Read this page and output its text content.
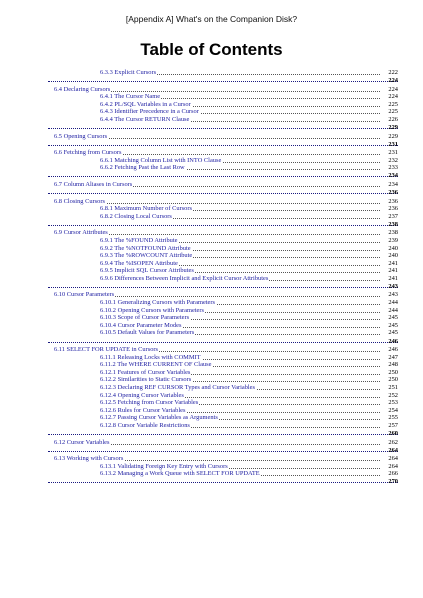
[Appendix A] What's on the Companion Disk?
Table of Contents
6.3.3 Explicit Cursors	222
224
6.4 Declaring Cursors	224
6.4.1 The Cursor Name	224
6.4.2 PL/SQL Variables in a Cursor	225
6.4.3 Identifier Precedence in a Cursor	225
6.4.4 The Cursor RETURN Clause	226
229
6.5 Opening Cursors	229
231
6.6 Fetching from Cursors	231
6.6.1 Matching Column List with INTO Clause	232
6.6.2 Fetching Past the Last Row	233
234
6.7 Column Aliases in Cursors	234
236
6.8 Closing Cursors	236
6.8.1 Maximum Number of Cursors	236
6.8.2 Closing Local Cursors	237
238
6.9 Cursor Attributes	238
6.9.1 The %FOUND Attribute	239
6.9.2 The %NOTFOUND Attribute	240
6.9.3 The %ROWCOUNT Attribute	240
6.9.4 The %ISOPEN Attribute	241
6.9.5 Implicit SQL Cursor Attributes	241
6.9.6 Differences Between Implicit and Explicit Cursor Attributes	241
243
6.10 Cursor Parameters	243
6.10.1 Generalizing Cursors with Parameters	244
6.10.2 Opening Cursors with Parameters	244
6.10.3 Scope of Cursor Parameters	245
6.10.4 Cursor Parameter Modes	245
6.10.5 Default Values for Parameters	245
246
6.11 SELECT FOR UPDATE in Cursors	246
6.11.1 Releasing Locks with COMMIT	247
6.11.2 The WHERE CURRENT OF Clause	248
6.12.1 Features of Cursor Variables	250
6.12.2 Similarities to Static Cursors	250
6.12.3 Declaring REF CURSOR Types and Cursor Variables	251
6.12.4 Opening Cursor Variables	252
6.12.5 Fetching from Cursor Variables	253
6.12.6 Rules for Cursor Variables	254
6.12.7 Passing Cursor Variables as Arguments	255
6.12.8 Cursor Variable Restrictions	257
260
6.12 Cursor Variables	262
264
6.13 Working with Cursors	264
6.13.1 Validating Foreign Key Entry with Cursors	264
6.13.2 Managing a Work Queue with SELECT FOR UPDATE	266
270
